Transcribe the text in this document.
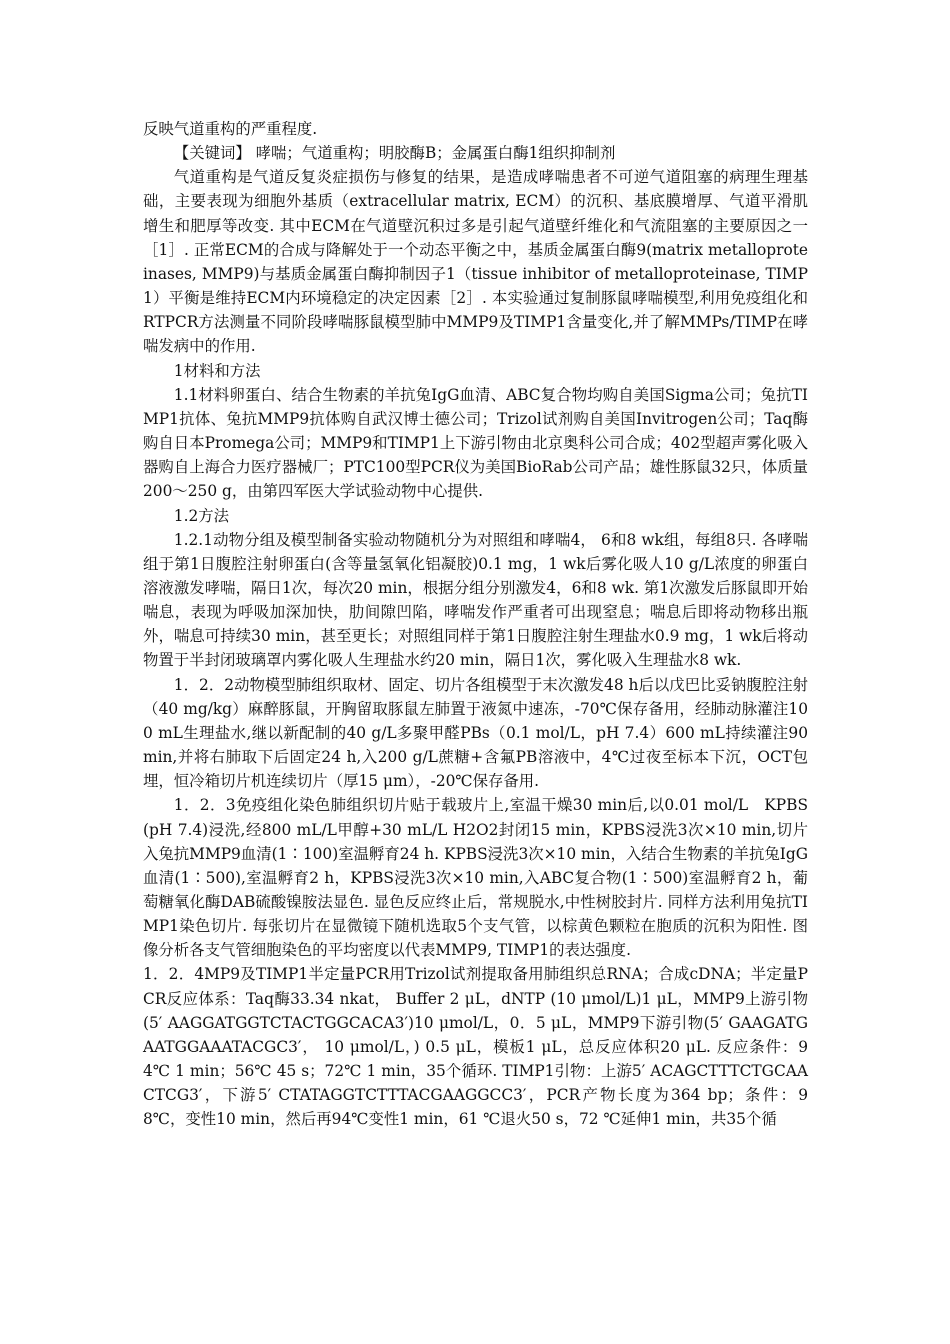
反映气道重构的严重程度.

【关键词】 哮喘；气道重构；明胶酶B；金属蛋白酶1组织抑制剂

气道重构是气道反复炎症损伤与修复的结果，是造成哮喘患者不可逆气道阻塞的病理生理基础，主要表现为细胞外基质（extracellular matrix, ECM）的沉积、基底膜增厚、气道平滑肌增生和肥厚等改变. 其中ECM在气道壁沉积过多是引起气道壁纤维化和气流阻塞的主要原因之一［1］. 正常ECM的合成与降解处于一个动态平衡之中，基质金属蛋白酶9(matrix metalloproteinases, MMP9)与基质金属蛋白酶抑制因子1（tissue inhibitor of metalloproteinase, TIMP1）平衡是维持ECM内环境稳定的决定因素［2］. 本实验通过复制豚鼠哮喘模型,利用免疫组化和RTPCR方法测量不同阶段哮喘豚鼠模型肺中MMP9及TIMP1含量变化,并了解MMPs/TIMP在哮喘发病中的作用.

1材料和方法

1.1材料卵蛋白、结合生物素的羊抗兔IgG血清、ABC复合物均购自美国Sigma公司；兔抗TIMP1抗体、兔抗MMP9抗体购自武汉博士德公司；Trizol试剂购自美国Invitrogen公司；Taq酶购自日本Promega公司；MMP9和TIMP1上下游引物由北京奥科公司合成；402型超声雾化吸入器购自上海合力医疗器械厂；PTC100型PCR仪为美国BioRab公司产品；雄性豚鼠32只，体质量200～250 g，由第四军医大学试验动物中心提供.

1.2方法

1.2.1动物分组及模型制备实验动物随机分为对照组和哮喘4， 6和8 wk组，每组8只. 各哮喘组于第1日腹腔注射卵蛋白(含等量氢氧化铝凝胶)0.1 mg，1 wk后雾化吸人10 g/L浓度的卵蛋白溶液激发哮喘，隔日1次，每次20 min，根据分组分别激发4，6和8 wk. 第1次激发后豚鼠即开始喘息，表现为呼吸加深加快，肋间隙凹陷，哮喘发作严重者可出现窒息；喘息后即将动物移出瓶外，喘息可持续30 min，甚至更长；对照组同样于第1日腹腔注射生理盐水0.9 mg，1 wk后将动物置于半封闭玻璃罩内雾化吸人生理盐水约20 min，隔日1次，雾化吸入生理盐水8 wk.

1．2．2动物模型肺组织取材、固定、切片各组模型于末次激发48 h后以戊巴比妥钠腹腔注射（40 mg/kg）麻醉豚鼠，开胸留取豚鼠左肺置于液氮中速冻，-70℃保存备用，经肺动脉灌注100 mL生理盐水,继以新配制的40 g/L多聚甲醛PBs（0.1 mol/L，pH 7.4）600 mL持续灌注90 min,并将右肺取下后固定24 h,入200 g/L蔗糖+含氟PB溶液中，4℃过夜至标本下沉，OCT包埋，恒冷箱切片机连续切片（厚15 μm），-20℃保存备用.

1．2．3免疫组化染色肺组织切片贴于载玻片上,室温干燥30 min后,以0.01 mol/L　KPBS(pH 7.4)浸洗,经800 mL/L甲醇+30 mL/L H2O2封闭15 min，KPBS浸洗3次×10 min,切片入兔抗MMP9血清(1∶100)室温孵育24 h. KPBS浸洗3次×10 min，入结合生物素的羊抗兔IgG血清(1∶500),室温孵育2 h，KPBS浸洗3次×10 min,入ABC复合物(1∶500)室温孵育2 h，葡萄糖氧化酶DAB硫酸镍胺法显色. 显色反应终止后，常规脱水,中性树胶封片. 同样方法利用兔抗TIMP1染色切片. 每张切片在显微镜下随机选取5个支气管，以棕黄色颗粒在胞质的沉积为阳性. 图像分析各支气管细胞染色的平均密度以代表MMP9, TIMP1的表达强度.

1．2．4MP9及TIMP1半定量PCR用Trizol试剂提取备用肺组织总RNA；合成cDNA；半定量PCR反应体系：Taq酶33.34 nkat， Buffer 2 μL，dNTP (10 μmol/L)1 μL，MMP9上游引物(5′ AAGGATGGTCTACTGGCACA3′)10 μmol/L，0．5 μL，MMP9下游引物(5′ GAAGATGAATGGAAATACGC3′， 10 μmol/L，) 0.5 μL，模板1 μL，总反应体积20 μL. 反应条件：94℃ 1 min；56℃ 45 s；72℃ 1 min，35个循环. TIMP1引物：上游5′ ACAGCTTTCTGCAACTCG3′，下游5′ CTATAGGTCTTTACGAAGGCC3′，PCR产物长度为364 bp；条件：98℃，变性10 min，然后再94℃变性1 min，61 ℃退火50 s，72 ℃延伸1 min，共35个循
